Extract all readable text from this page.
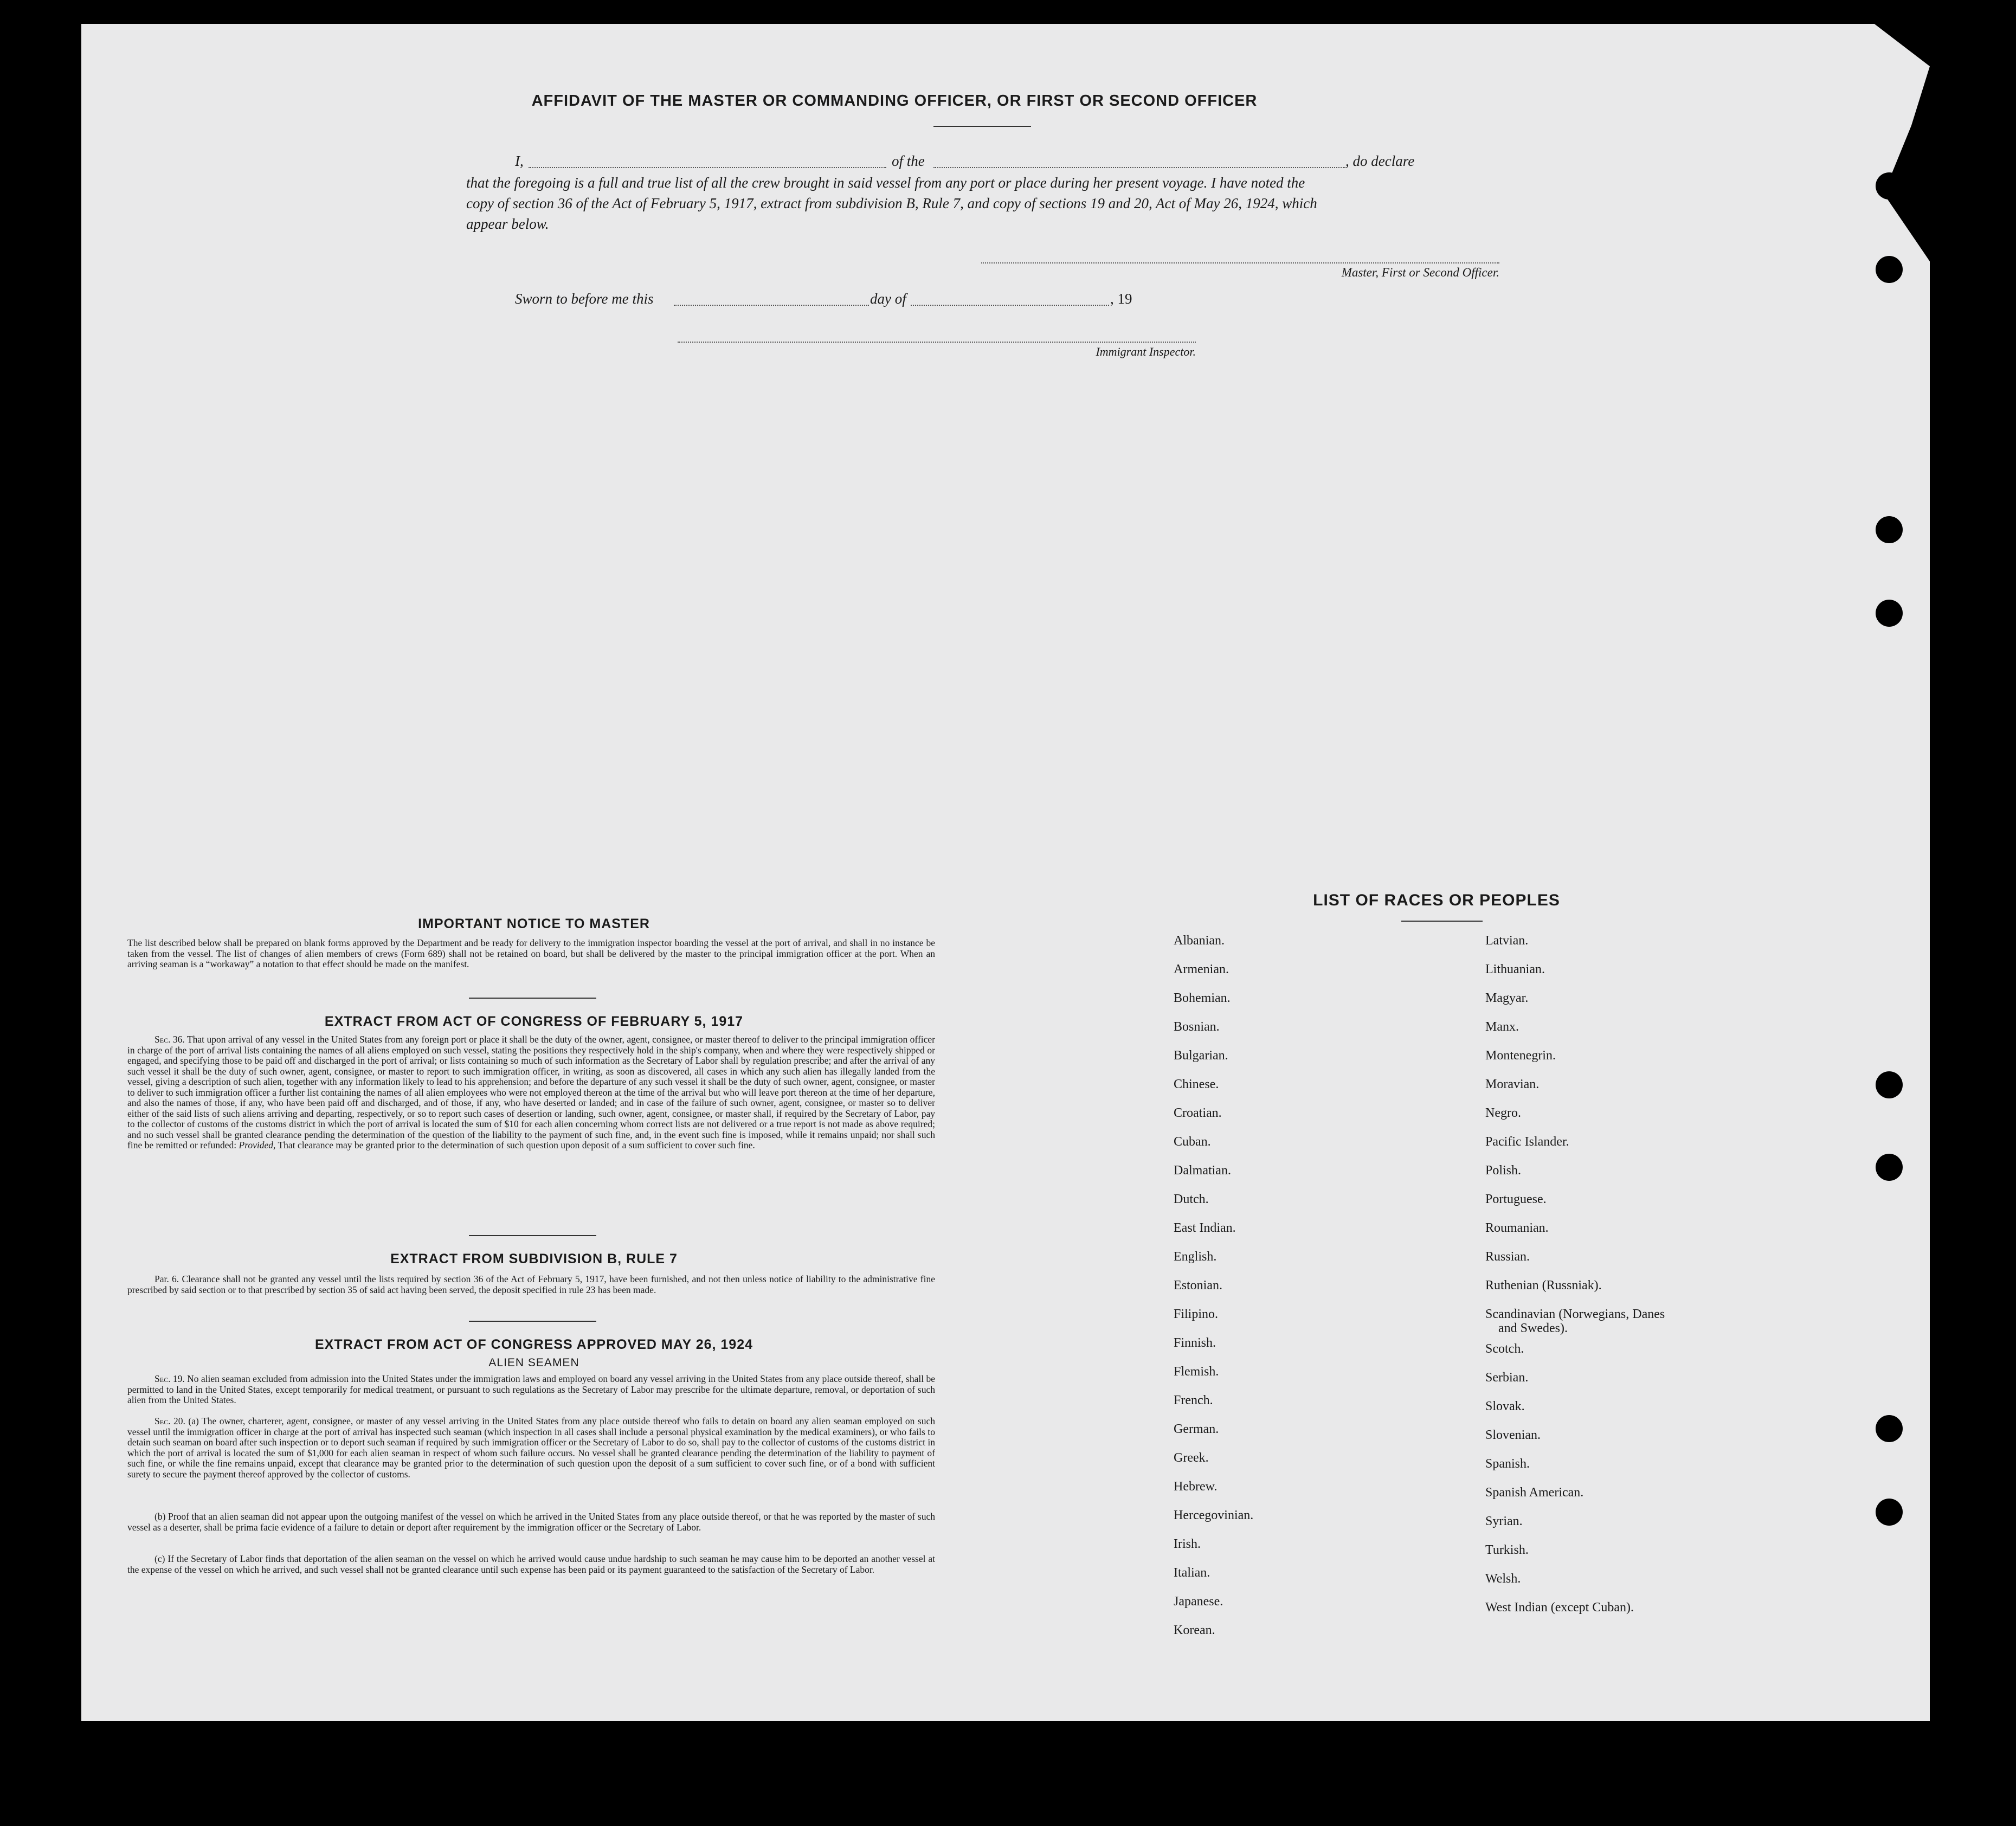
AFFIDAVIT OF THE MASTER OR COMMANDING OFFICER, OR FIRST OR SECOND OFFICER
I,	of the	, do declare
that the foregoing is a full and true list of all the crew brought in said vessel from any port or place during her present voyage. I have noted the
copy of section 36 of the Act of February 5, 1917, extract from subdivision B, Rule 7, and copy of sections 19 and 20, Act of May 26, 1924, which
appear below.
Master, First or Second Officer.
Sworn to before me this	day of	, 19
Immigrant Inspector.
IMPORTANT NOTICE TO MASTER
The list described below shall be prepared on blank forms approved by the Department and be ready for delivery to the immigration inspector boarding the vessel at the port of arrival, and shall in no instance be taken from the vessel. The list of changes of alien members of crews (Form 689) shall not be retained on board, but shall be delivered by the master to the principal immigration officer at the port. When an arriving seaman is a “workaway” a notation to that effect should be made on the manifest.
EXTRACT FROM ACT OF CONGRESS OF FEBRUARY 5, 1917
Sec. 36. That upon arrival of any vessel in the United States from any foreign port or place it shall be the duty of the owner, agent, consignee, or master thereof to deliver to the principal immigration officer in charge of the port of arrival lists containing the names of all aliens employed on such vessel, stating the positions they respectively hold in the ship's company, when and where they were respectively shipped or engaged, and specifying those to be paid off and discharged in the port of arrival; or lists containing so much of such information as the Secretary of Labor shall by regulation prescribe; and after the arrival of any such vessel it shall be the duty of such owner, agent, consignee, or master to report to such immigration officer, in writing, as soon as discovered, all cases in which any such alien has illegally landed from the vessel, giving a description of such alien, together with any information likely to lead to his apprehension; and before the departure of any such vessel it shall be the duty of such owner, agent, consignee, or master to deliver to such immigration officer a further list containing the names of all alien employees who were not employed thereon at the time of the arrival but who will leave port thereon at the time of her departure, and also the names of those, if any, who have been paid off and discharged, and of those, if any, who have deserted or landed; and in case of the failure of such owner, agent, consignee, or master so to deliver either of the said lists of such aliens arriving and departing, respectively, or so to report such cases of desertion or landing, such owner, agent, consignee, or master shall, if required by the Secretary of Labor, pay to the collector of customs of the customs district in which the port of arrival is located the sum of $10 for each alien concerning whom correct lists are not delivered or a true report is not made as above required; and no such vessel shall be granted clearance pending the determination of the question of the liability to the payment of such fine, and, in the event such fine is imposed, while it remains unpaid; nor shall such fine be remitted or refunded: Provided, That clearance may be granted prior to the determination of such question upon deposit of a sum sufficient to cover such fine.
EXTRACT FROM SUBDIVISION B, RULE 7
Par. 6. Clearance shall not be granted any vessel until the lists required by section 36 of the Act of February 5, 1917, have been furnished, and not then unless notice of liability to the administrative fine prescribed by said section or to that prescribed by section 35 of said act having been served, the deposit specified in rule 23 has been made.
EXTRACT FROM ACT OF CONGRESS APPROVED MAY 26, 1924
ALIEN SEAMEN
Sec. 19. No alien seaman excluded from admission into the United States under the immigration laws and employed on board any vessel arriving in the United States from any place outside thereof, shall be permitted to land in the United States, except temporarily for medical treatment, or pursuant to such regulations as the Secretary of Labor may prescribe for the ultimate departure, removal, or deportation of such alien from the United States.
Sec. 20. (a) The owner, charterer, agent, consignee, or master of any vessel arriving in the United States from any place outside thereof who fails to detain on board any alien seaman employed on such vessel until the immigration officer in charge at the port of arrival has inspected such seaman (which inspection in all cases shall include a personal physical examination by the medical examiners), or who fails to detain such seaman on board after such inspection or to deport such seaman if required by such immigration officer or the Secretary of Labor to do so, shall pay to the collector of customs of the customs district in which the port of arrival is located the sum of $1,000 for each alien seaman in respect of whom such failure occurs. No vessel shall be granted clearance pending the determination of the liability to payment of such fine, or while the fine remains unpaid, except that clearance may be granted prior to the determination of such question upon the deposit of a sum sufficient to cover such fine, or of a bond with sufficient surety to secure the payment thereof approved by the collector of customs.
(b) Proof that an alien seaman did not appear upon the outgoing manifest of the vessel on which he arrived in the United States from any place outside thereof, or that he was reported by the master of such vessel as a deserter, shall be prima facie evidence of a failure to detain or deport after requirement by the immigration officer or the Secretary of Labor.
(c) If the Secretary of Labor finds that deportation of the alien seaman on the vessel on which he arrived would cause undue hardship to such seaman he may cause him to be deported an another vessel at the expense of the vessel on which he arrived, and such vessel shall not be granted clearance until such expense has been paid or its payment guaranteed to the satisfaction of the Secretary of Labor.
LIST OF RACES OR PEOPLES
Albanian.
Armenian.
Bohemian.
Bosnian.
Bulgarian.
Chinese.
Croatian.
Cuban.
Dalmatian.
Dutch.
East Indian.
English.
Estonian.
Filipino.
Finnish.
Flemish.
French.
German.
Greek.
Hebrew.
Hercegovinian.
Irish.
Italian.
Japanese.
Korean.
Latvian.
Lithuanian.
Magyar.
Manx.
Montenegrin.
Moravian.
Negro.
Pacific Islander.
Polish.
Portuguese.
Roumanian.
Russian.
Ruthenian (Russniak).
Scandinavian (Norwegians, Danes and Swedes).
Scotch.
Serbian.
Slovak.
Slovenian.
Spanish.
Spanish American.
Syrian.
Turkish.
Welsh.
West Indian (except Cuban).
